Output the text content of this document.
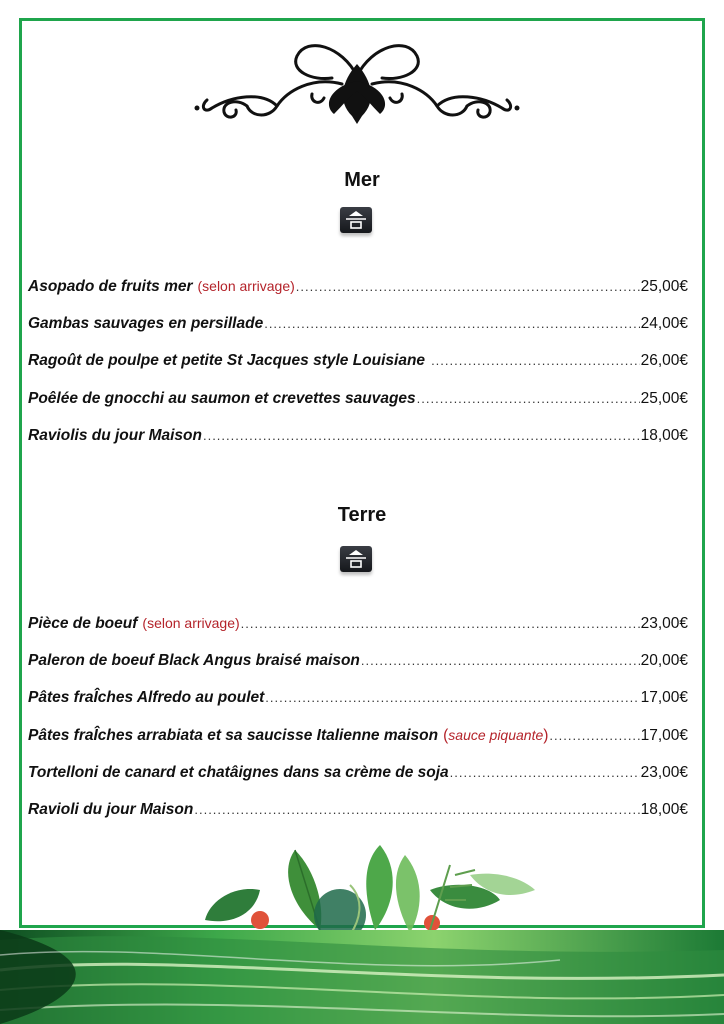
Mer
Asopado de fruits mer (selon arrivage) .....	25,00€
Gambas sauvages en persillade .....	24,00€
Ragoût de poulpe et petite St Jacques style Louisiane .....	26,00€
Poêlée de gnocchi au saumon et crevettes sauvages .....	25,00€
Raviolis du jour Maison .....	18,00€
Terre
Pièce de boeuf (selon arrivage) .....	23,00€
Paleron de boeuf Black Angus braisé maison .....	20,00€
Pâtes fraÎches Alfredo au poulet .....	17,00€
Pâtes fraÎches arrabiata et sa saucisse Italienne maison ( sauce piquante ) .....	17,00€
Tortelloni de canard et chatâignes dans sa crème de soja .....	23,00€
Ravioli du jour Maison .....	18,00€
